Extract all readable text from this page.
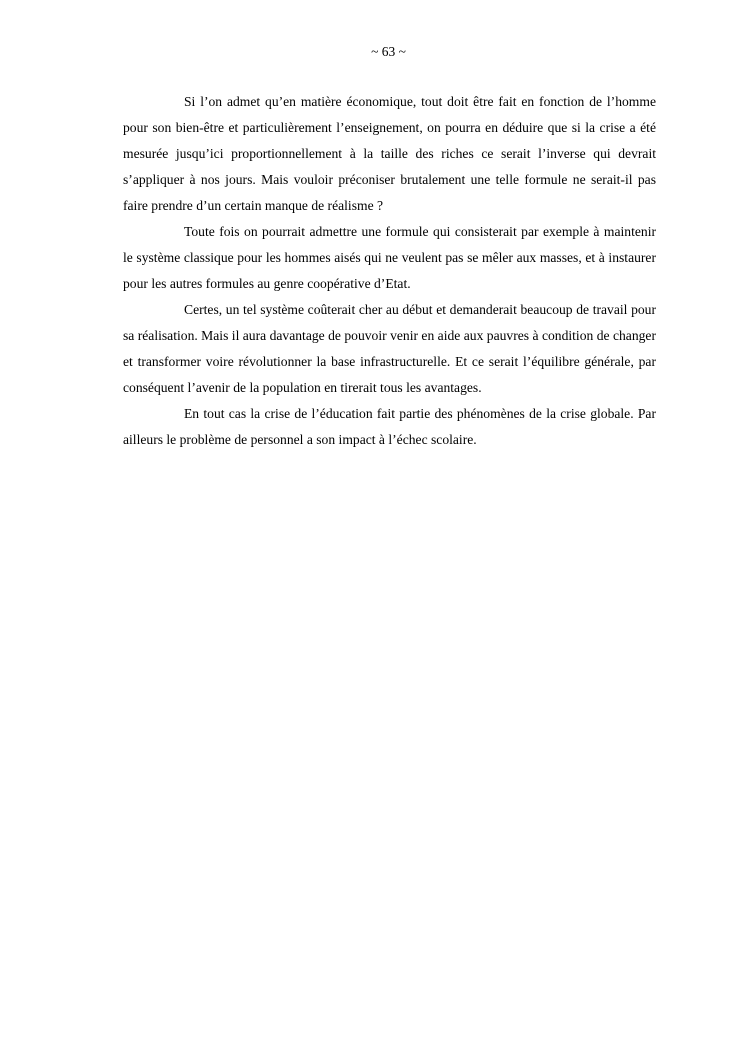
~ 63 ~

Si l’on admet qu’en matière économique, tout doit être fait en fonction de l’homme pour son bien-être et particulièrement l’enseignement, on pourra en déduire que si la crise a été mesurée jusqu’ici proportionnellement à la taille des riches ce serait l’inverse qui devrait s’appliquer à nos jours. Mais vouloir préconiser brutalement une telle formule ne serait-il pas faire prendre d’un certain manque de réalisme ?

Toute fois on pourrait admettre une formule qui consisterait par exemple à maintenir le système classique pour les hommes aisés qui ne veulent pas se mêler aux masses, et à instaurer pour les autres formules au genre coopérative d’Etat.

Certes, un tel système coûterait cher au début et demanderait beaucoup de travail pour sa réalisation. Mais il aura davantage de pouvoir venir en aide aux pauvres à condition de changer et transformer voire révolutionner la base infrastructurelle. Et ce serait l’équilibre générale, par conséquent l’avenir de la population en tirerait tous les avantages.

En tout cas la crise de l’éducation fait partie des phénomènes de la crise globale. Par ailleurs le problème de personnel a son impact à l’échec scolaire.
